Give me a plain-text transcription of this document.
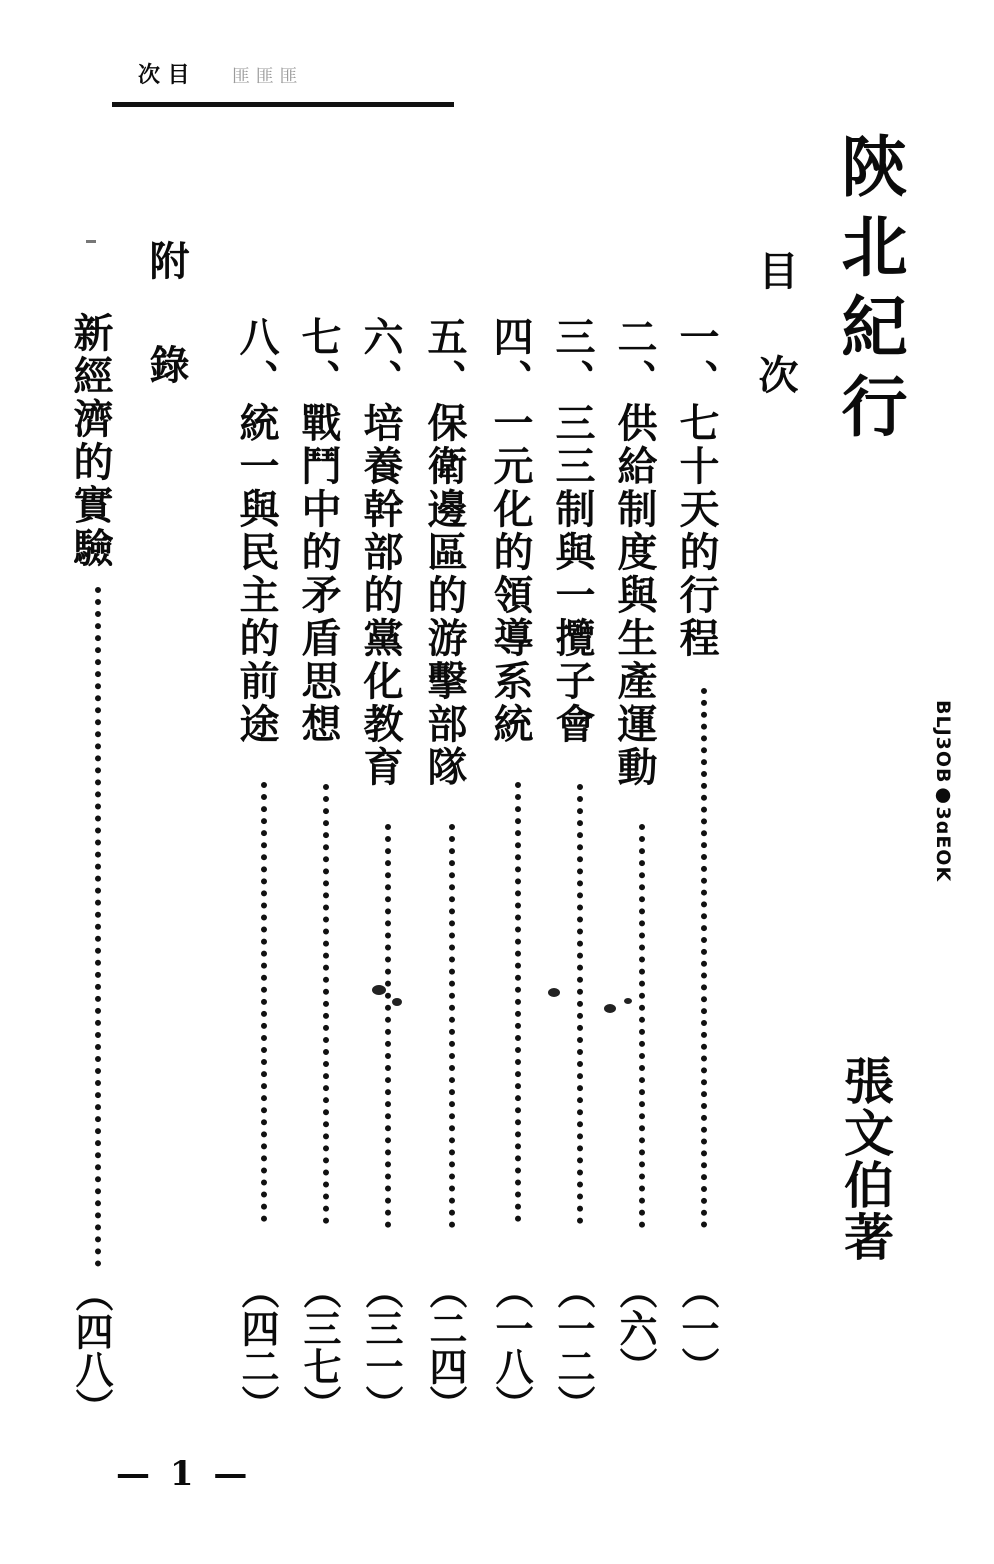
次 目 匪 匪 匪
陝北紀行
目次
張文伯著
一、七十天的行程
（一）
二、供給制度與生產運動
（六）
三、三三制與一攬子會
（一二）
四、一元化的領導系統
（一八）
五、保衛邊區的游擊部隊
（二四）
六、培養幹部的黨化教育
（三一）
七、戰鬥中的矛盾思想
（三七）
八、統一與民主的前途
（四二）
附錄
新經濟的實驗
（四八）
— 1 —
BLJ3OB●3ɑEOK
